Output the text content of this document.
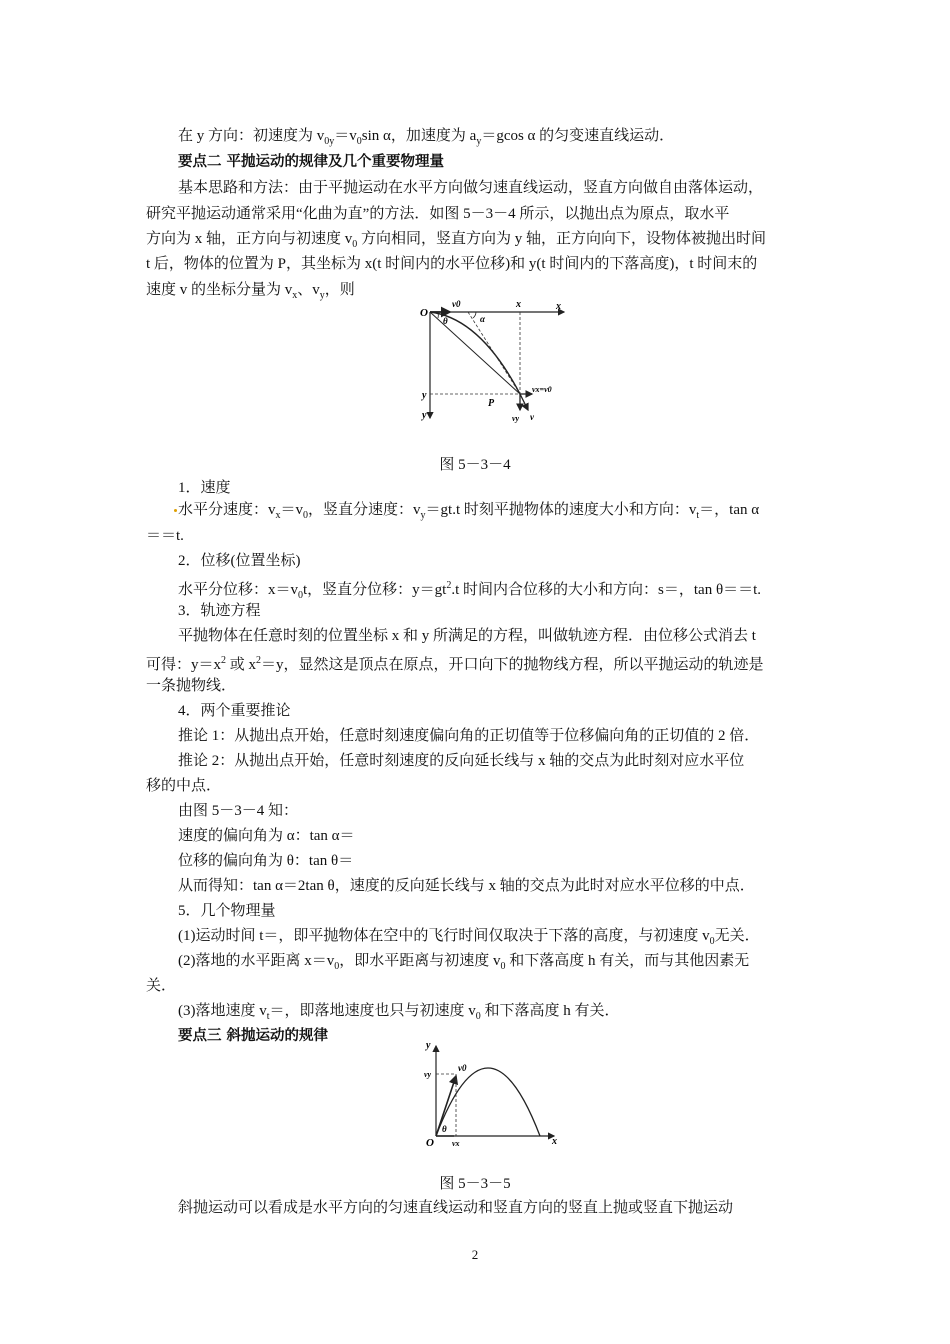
在 y 方向：初速度为 $v_{0y}=v_0\sin$ α，加速度为 $a_y=gcos$ α 的匀变速直线运动．
要点二 平抛运动的规律及几个重要物理量
基本思路和方法：由于平抛运动在水平方向做匀速直线运动，竖直方向做自由落体运动，
研究平抛运动通常采用“化曲为直”的方法．如图 5－3－4 所示，以抛出点为原点，取水平
方向为 x 轴，正方向与初速度 $v_0$ 方向相同，竖直方向为 y 轴，正方向向下，设物体被抛出时间
t 后，物体的位置为 P，其坐标为 x(t 时间内的水平位移)和 y(t 时间内的下落高度)，t 时间末的
速度 v 的坐标分量为 $v_x$、$v_y$，则
O
v0	x	x
θ	α
y
y
P
vx=v0
vy v
图 5－3－4
1．速度
水平分速度：$v_x=v_0$，竖直分速度：$v_y=gt.t$ 时刻平抛物体的速度大小和方向：$v_t=$，tan α
＝＝t.
2．位移(位置坐标)
水平分位移：$x=v_0t$，竖直分位移：$y=gt^2.t$ 时间内合位移的大小和方向：s＝，tan θ＝＝t.
3．轨迹方程
平抛物体在任意时刻的位置坐标 x 和 y 所满足的方程，叫做轨迹方程．由位移公式消去 t
可得：$y=x^2$ 或 $x^2=y$，显然这是顶点在原点，开口向下的抛物线方程，所以平抛运动的轨迹是
一条抛物线．
4．两个重要推论
推论 1：从抛出点开始，任意时刻速度偏向角的正切值等于位移偏向角的正切值的 2 倍．
推论 2：从抛出点开始，任意时刻速度的反向延长线与 x 轴的交点为此时刻对应水平位
移的中点．
由图 5－3－4 知：
速度的偏向角为 α：tan α＝
位移的偏向角为 θ：tan θ＝
从而得知：tan α＝2tan θ，速度的反向延长线与 x 轴的交点为此时对应水平位移的中点．
5．几个物理量
(1)运动时间 t＝，即平抛物体在空中的飞行时间仅取决于下落的高度，与初速度 $v_0$无关．
(2)落地的水平距离 $x=v_0$，即水平距离与初速度 $v_0$ 和下落高度 h 有关，而与其他因素无
关．
(3)落地速度 $v_t=$，即落地速度也只与初速度 $v_0$ 和下落高度 h 有关．
要点三 斜抛运动的规律
y
vy
v0
O
θ
vx	x
图 5－3－5
斜抛运动可以看成是水平方向的匀速直线运动和竖直方向的竖直上抛或竖直下抛运动
2
